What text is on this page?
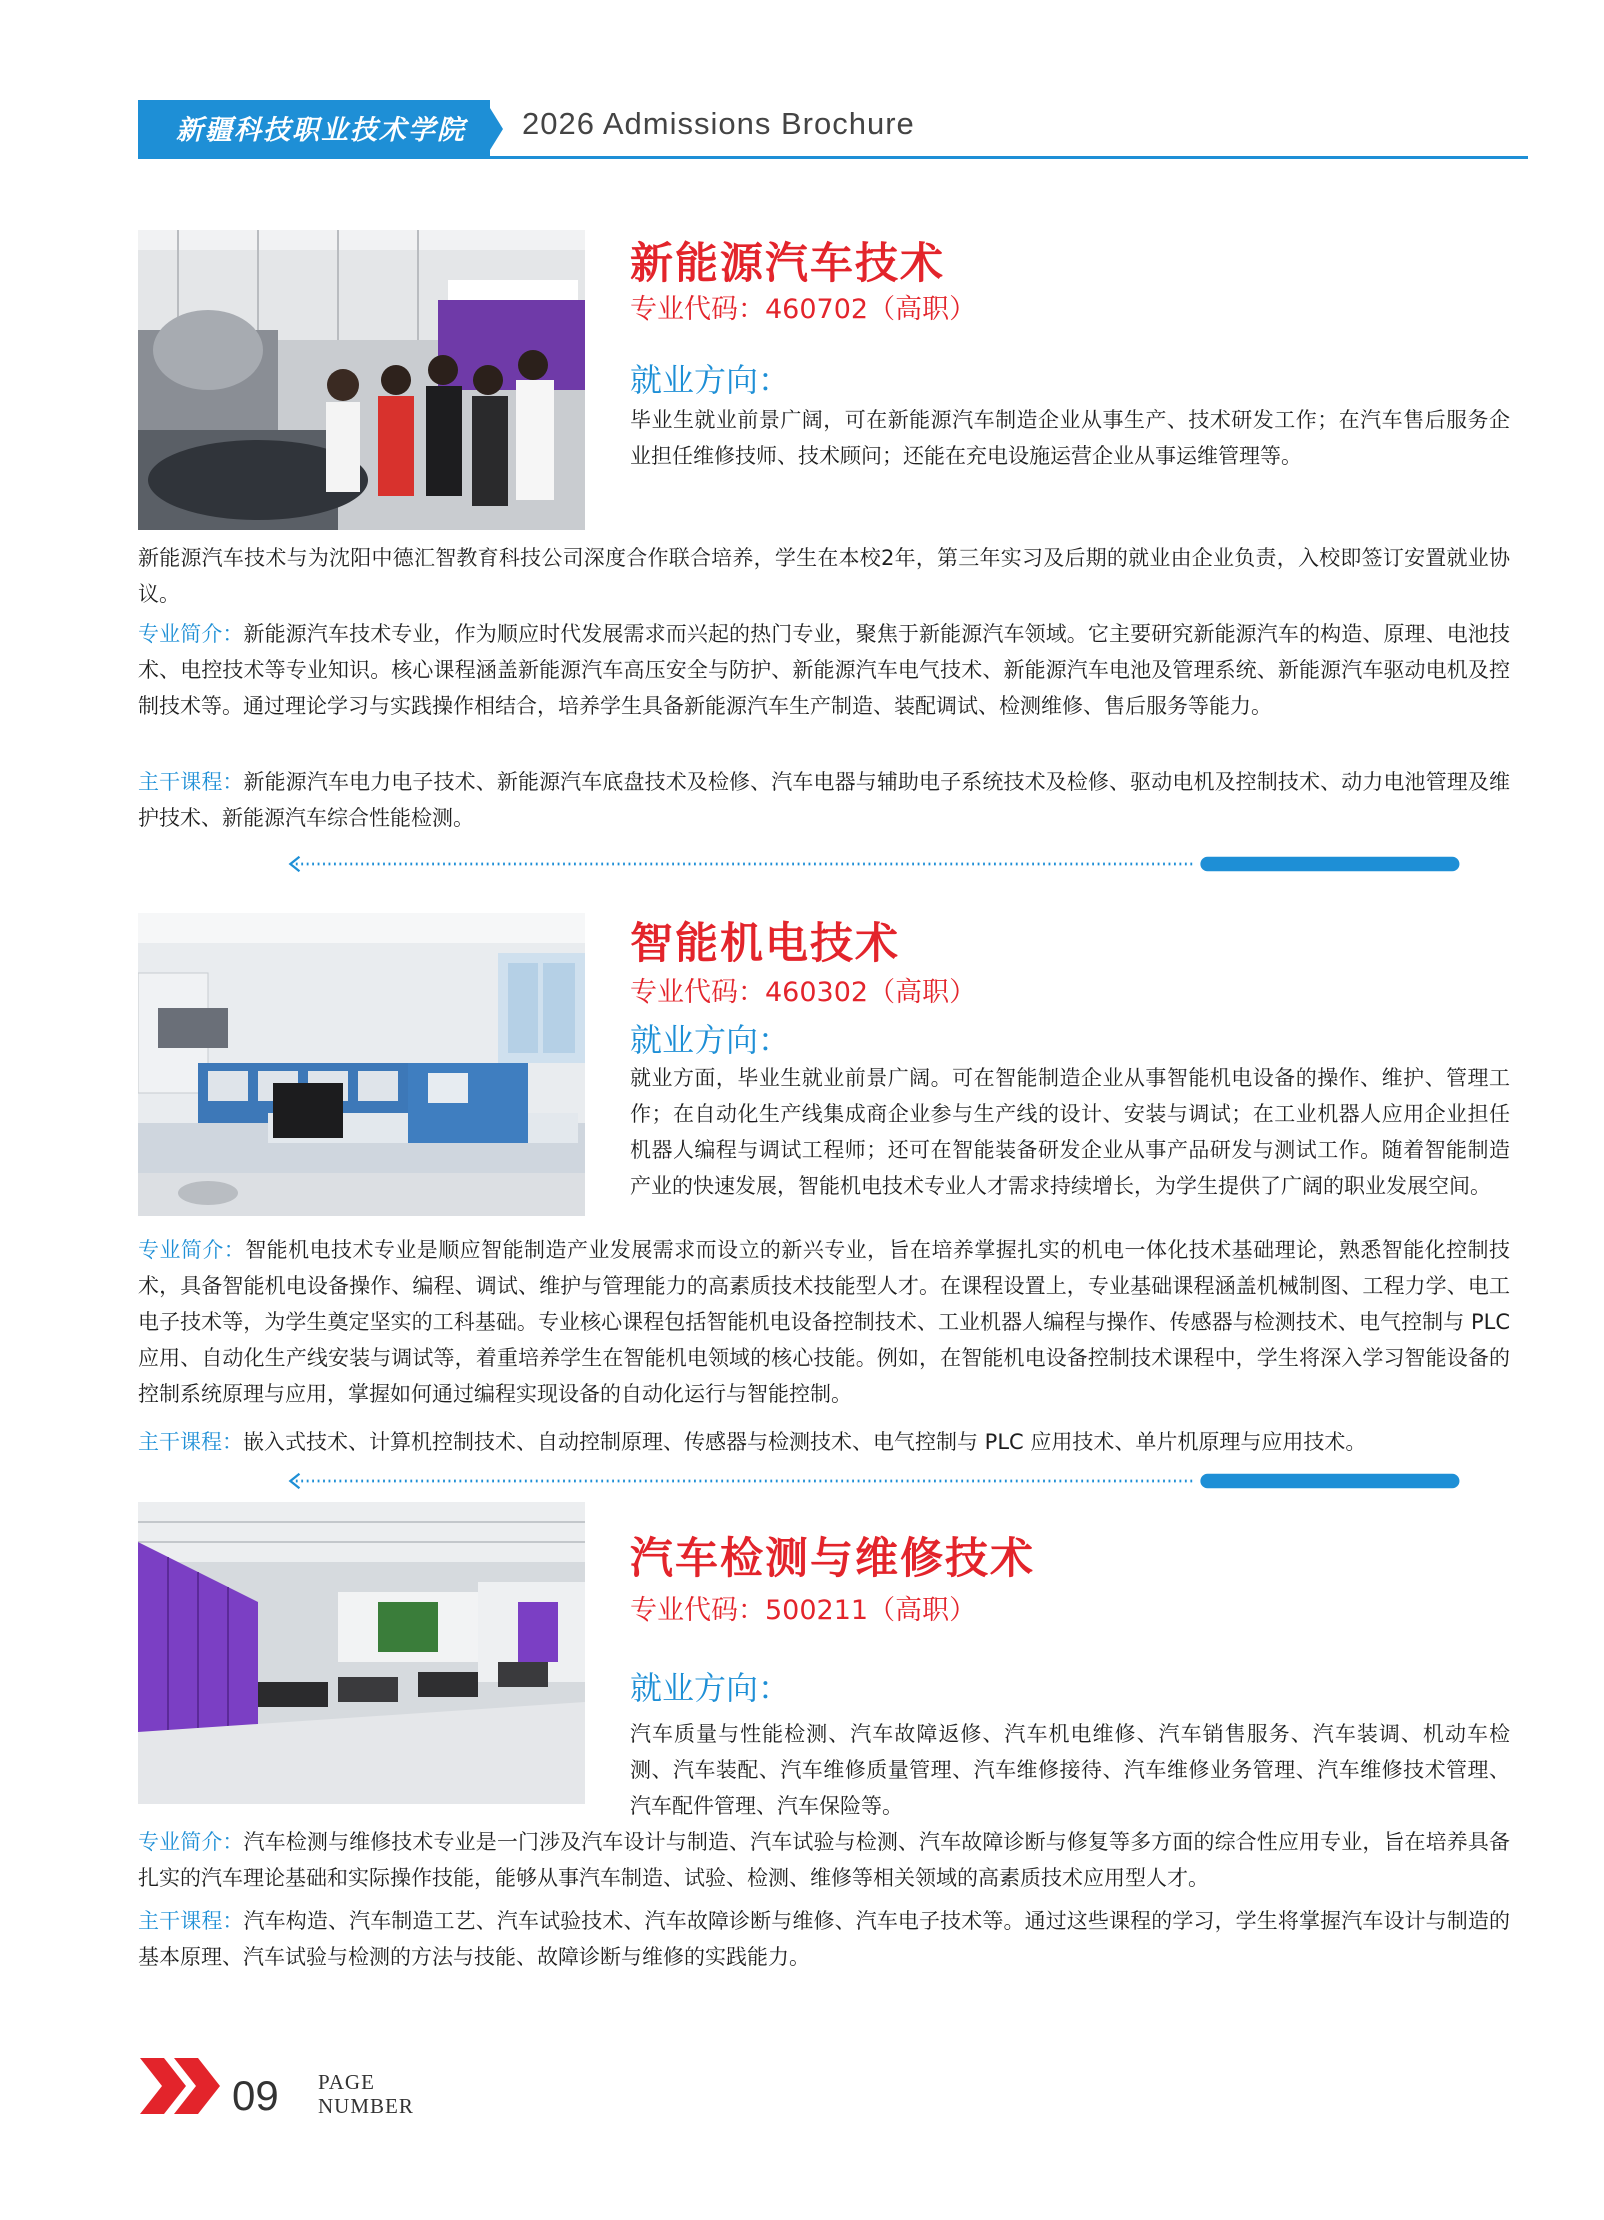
新疆科技职业技术学院 2026 Admissions Brochure
新能源汽车技术
专业代码：460702（高职）
就业方向：
毕业生就业前景广阔，可在新能源汽车制造企业从事生产、技术研发工作；在汽车售后服务企业担任维修技师、技术顾问；还能在充电设施运营企业从事运维管理等。
新能源汽车技术与为沈阳中德汇智教育科技公司深度合作联合培养，学生在本校2年，第三年实习及后期的就业由企业负责，入校即签订安置就业协议。
专业简介：新能源汽车技术专业，作为顺应时代发展需求而兴起的热门专业，聚焦于新能源汽车领域。它主要研究新能源汽车的构造、原理、电池技术、电控技术等专业知识。核心课程涵盖新能源汽车高压安全与防护、新能源汽车电气技术、新能源汽车电池及管理系统、新能源汽车驱动电机及控制技术等。通过理论学习与实践操作相结合，培养学生具备新能源汽车生产制造、装配调试、检测维修、售后服务等能力。
主干课程：新能源汽车电力电子技术、新能源汽车底盘技术及检修、汽车电器与辅助电子系统技术及检修、驱动电机及控制技术、动力电池管理及维护技术、新能源汽车综合性能检测。
智能机电技术
专业代码：460302（高职）
就业方向：
就业方面，毕业生就业前景广阔。可在智能制造企业从事智能机电设备的操作、维护、管理工作；在自动化生产线集成商企业参与生产线的设计、安装与调试；在工业机器人应用企业担任机器人编程与调试工程师；还可在智能装备研发企业从事产品研发与测试工作。随着智能制造产业的快速发展，智能机电技术专业人才需求持续增长，为学生提供了广阔的职业发展空间。
专业简介：智能机电技术专业是顺应智能制造产业发展需求而设立的新兴专业，旨在培养掌握扎实的机电一体化技术基础理论，熟悉智能化控制技术，具备智能机电设备操作、编程、调试、维护与管理能力的高素质技术技能型人才。在课程设置上，专业基础课程涵盖机械制图、工程力学、电工电子技术等，为学生奠定坚实的工科基础。专业核心课程包括智能机电设备控制技术、工业机器人编程与操作、传感器与检测技术、电气控制与 PLC 应用、自动化生产线安装与调试等，着重培养学生在智能机电领域的核心技能。例如，在智能机电设备控制技术课程中，学生将深入学习智能设备的控制系统原理与应用，掌握如何通过编程实现设备的自动化运行与智能控制。
主干课程：嵌入式技术、计算机控制技术、自动控制原理、传感器与检测技术、电气控制与 PLC 应用技术、单片机原理与应用技术。
汽车检测与维修技术
专业代码：500211（高职）
就业方向：
汽车质量与性能检测、汽车故障返修、汽车机电维修、汽车销售服务、汽车装调、机动车检测、汽车装配、汽车维修质量管理、汽车维修接待、汽车维修业务管理、汽车维修技术管理、汽车配件管理、汽车保险等。
专业简介：汽车检测与维修技术专业是一门涉及汽车设计与制造、汽车试验与检测、汽车故障诊断与修复等多方面的综合性应用专业，旨在培养具备扎实的汽车理论基础和实际操作技能，能够从事汽车制造、试验、检测、维修等相关领域的高素质技术应用型人才。
主干课程：汽车构造、汽车制造工艺、汽车试验技术、汽车故障诊断与维修、汽车电子技术等。通过这些课程的学习，学生将掌握汽车设计与制造的基本原理、汽车试验与检测的方法与技能、故障诊断与维修的实践能力。
09 PAGE
NUMBER
